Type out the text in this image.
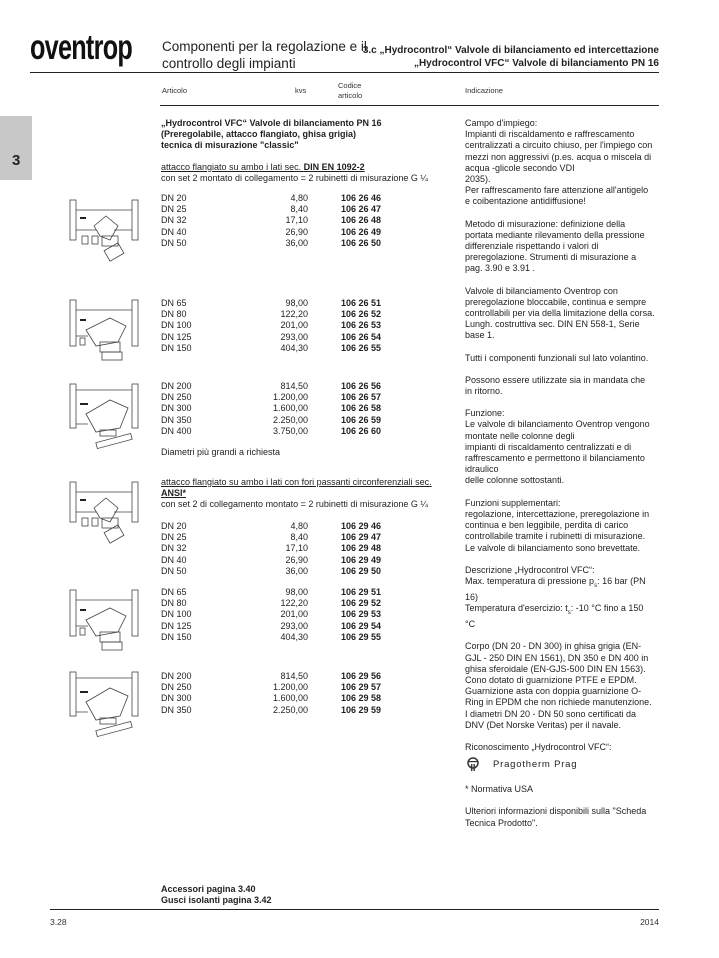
oventrop Componenti per la regolazione e il
controllo degli impianti
3.c „Hydrocontrol“ Valvole di bilanciamento ed intercettazione
„Hydrocontrol VFC“ Valvole di bilanciamento PN 16
Articolo	kvs
Codice
articolo
Indicazione
3
„Hydrocontrol VFC“ Valvole di bilanciamento PN 16
(Preregolabile, attacco flangiato, ghisa grigia)
tecnica di misurazione "classic"
attacco flangiato su ambo i lati sec. DIN EN 1092-2
con set 2 montato di collegamento = 2 rubinetti di misurazione G ¼
DN 20	4,80	106 26 46
DN 25	8,40	106 26 47
DN 32	17,10	106 26 48
DN 40	26,90	106 26 49
DN 50	36,00	106 26 50
DN 65	98,00	106 26 51
DN 80	122,20	106 26 52
DN 100	201,00	106 26 53
DN 125	293,00	106 26 54
DN 150	404,30	106 26 55
DN 200	814,50	106 26 56
DN 250	1.200,00	106 26 57
DN 300	1.600,00	106 26 58
DN 350	2.250,00	106 26 59
DN 400	3.750,00	106 26 60
Diametri più grandi a richiesta
attacco flangiato su ambo i lati con fori passanti circonferenziali sec.
ANSI*
con set 2 di collegamento montato = 2 rubinetti di misurazione G ¼
DN 20	4,80	106 29 46
DN 25	8,40	106 29 47
DN 32	17,10	106 29 48
DN 40	26,90	106 29 49
DN 50	36,00	106 29 50
DN 65	98,00	106 29 51
DN 80	122,20	106 29 52
DN 100	201,00	106 29 53
DN 125	293,00	106 29 54
DN 150	404,30	106 29 55
DN 200	814,50	106 29 56
DN 250	1.200,00	106 29 57
DN 300	1.600,00	106 29 58
DN 350	2.250,00	106 29 59
Accessori pagina 3.40
Gusci isolanti pagina 3.42

Campo d'impiego:
Impianti di riscaldamento e raffrescamento
centralizzati a circuito chiuso, per l'impiego con
mezzi non aggressivi (p.es. acqua o miscela di
acqua -glicole secondo VDI
2035).
Per raffrescamento fare attenzione all'antigelo
e coibentazione antidiffusione!

Metodo di misurazione: definizione della
portata mediante rilevamento della pressione
differenziale rispettando i valori di
preregolazione. Strumenti di misurazione a
pag. 3.90 e 3.91 .

Valvole di bilanciamento Oventrop con
preregolazione bloccabile, continua e sempre
controllabili per via della limitazione della corsa.
Lungh. costruttiva sec. DIN EN 558-1, Serie
base 1.

Tutti i componenti funzionali sul lato volantino.

Possono essere utilizzate sia in mandata che
in ritorno.

Funzione:
Le valvole di bilanciamento Oventrop vengono
montate nelle colonne degli
impianti di riscaldamento centralizzati e di
raffrescamento e permettono il bilanciamento
idraulico
delle colonne sottostanti.

Funzioni supplementari:
regolazione, intercettazione, preregolazione in
continua e ben leggibile, perdita di carico
controllabile tramite i rubinetti di misurazione.
Le valvole di bilanciamento sono brevettate.

Descrizione „Hydrocontrol VFC“:
Max. temperatura di pressione $p_s$: 16 bar (PN
16)
Temperatura d'esercizio: $t_s$: -10 °C fino a 150
°C

Corpo (DN 20 - DN 300) in ghisa grigia (EN-
GJL - 250 DIN EN 1561), DN 350 e DN 400 in
ghisa sferoidale (EN-GJS-500 DIN EN 1563).
Cono dotato di guarnizione PTFE e EPDM.
Guarnizione asta con doppia guarnizione O-
Ring in EPDM che non richiede manutenzione.
I diametri DN 20 - DN 50 sono certificati da
DNV (Det Norske Veritas) per il navale.

Riconoscimento „Hydrocontrol VFC“:
Pragotherm Prag

* Normativa USA

Ulteriori informazioni disponibili sulla "Scheda
Tecnica Prodotto".

3.28	2014
